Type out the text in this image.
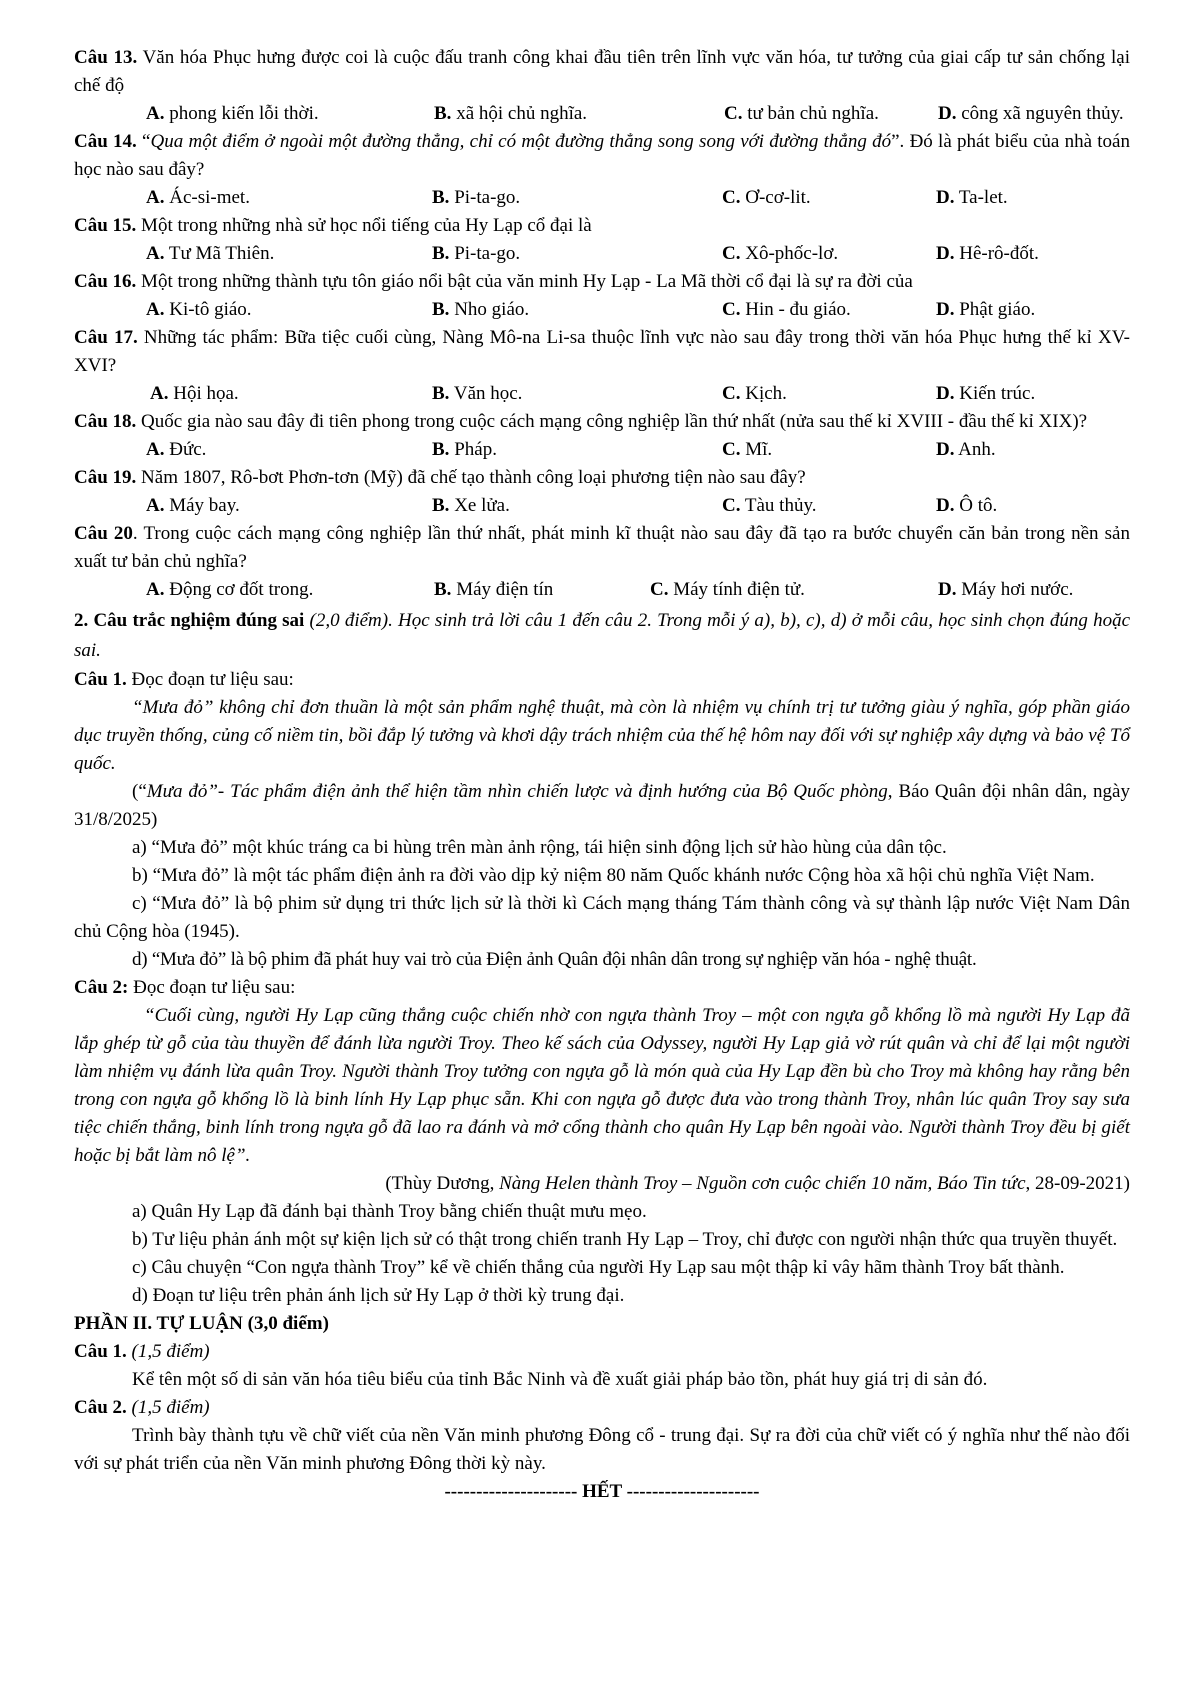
Câu 13. Văn hóa Phục hưng được coi là cuộc đấu tranh công khai đầu tiên trên lĩnh vực văn hóa, tư tưởng của giai cấp tư sản chống lại chế độ
A. phong kiến lỗi thời.	B. xã hội chủ nghĩa.	C. tư bản chủ nghĩa.	D. công xã nguyên thủy.
Câu 14. “Qua một điểm ở ngoài một đường thẳng, chỉ có một đường thẳng song song với đường thẳng đó”. Đó là phát biểu của nhà toán học nào sau đây?
A. Ác-si-met.	B. Pi-ta-go.	C. Ơ-cơ-lit.	D. Ta-let.
Câu 15. Một trong những nhà sử học nổi tiếng của Hy Lạp cổ đại là
A. Tư Mã Thiên.	B. Pi-ta-go.	C. Xô-phốc-lơ.	D. Hê-rô-đốt.
Câu 16. Một trong những thành tựu tôn giáo nổi bật của văn minh Hy Lạp - La Mã thời cổ đại là sự ra đời của
A. Ki-tô giáo.	B. Nho giáo.	C. Hin - đu giáo.	D. Phật giáo.
Câu 17. Những tác phẩm: Bữa tiệc cuối cùng, Nàng Mô-na Li-sa thuộc lĩnh vực nào sau đây trong thời văn hóa Phục hưng thế kỉ XV-XVI?
A. Hội họa.	B. Văn học.	C. Kịch.	D. Kiến trúc.
Câu 18. Quốc gia nào sau đây đi tiên phong trong cuộc cách mạng công nghiệp lần thứ nhất (nửa sau thế kỉ XVIII - đầu thế kỉ XIX)?
A. Đức.	B. Pháp.	C. Mĩ.	D. Anh.
Câu 19. Năm 1807, Rô-bơt Phơn-tơn (Mỹ) đã chế tạo thành công loại phương tiện nào sau đây?
A. Máy bay.	B. Xe lửa.	C. Tàu thủy.	D. Ô tô.
Câu 20. Trong cuộc cách mạng công nghiệp lần thứ nhất, phát minh kĩ thuật nào sau đây đã tạo ra bước chuyển căn bản trong nền sản xuất tư bản chủ nghĩa?
A. Động cơ đốt trong.	B. Máy điện tín	C. Máy tính điện tử.	D. Máy hơi nước.
2. Câu trắc nghiệm đúng sai (2,0 điểm). Học sinh trả lời câu 1 đến câu 2. Trong mỗi ý a), b), c), d) ở mỗi câu, học sinh chọn đúng hoặc sai.
Câu 1. Đọc đoạn tư liệu sau:
“Mưa đỏ” không chỉ đơn thuần là một sản phẩm nghệ thuật, mà còn là nhiệm vụ chính trị tư tưởng giàu ý nghĩa, góp phần giáo dục truyền thống, củng cố niềm tin, bồi đắp lý tưởng và khơi dậy trách nhiệm của thế hệ hôm nay đối với sự nghiệp xây dựng và bảo vệ Tổ quốc.
(“Mưa đỏ”- Tác phẩm điện ảnh thể hiện tầm nhìn chiến lược và định hướng của Bộ Quốc phòng, Báo Quân đội nhân dân, ngày 31/8/2025)
a) “Mưa đỏ” một khúc tráng ca bi hùng trên màn ảnh rộng, tái hiện sinh động lịch sử hào hùng của dân tộc.
b) “Mưa đỏ” là một tác phẩm điện ảnh ra đời vào dịp kỷ niệm 80 năm Quốc khánh nước Cộng hòa xã hội chủ nghĩa Việt Nam.
c) “Mưa đỏ” là bộ phim sử dụng tri thức lịch sử là thời kì Cách mạng tháng Tám thành công và sự thành lập nước Việt Nam Dân chủ Cộng hòa (1945).
d) “Mưa đỏ” là bộ phim đã phát huy vai trò của Điện ảnh Quân đội nhân dân trong sự nghiệp văn hóa - nghệ thuật.
Câu 2: Đọc đoạn tư liệu sau:
“Cuối cùng, người Hy Lạp cũng thắng cuộc chiến nhờ con ngựa thành Troy – một con ngựa gỗ khổng lồ mà người Hy Lạp đã lắp ghép từ gỗ của tàu thuyền để đánh lừa người Troy. Theo kế sách của Odyssey, người Hy Lạp giả vờ rút quân và chỉ để lại một người làm nhiệm vụ đánh lừa quân Troy. Người thành Troy tưởng con ngựa gỗ là món quà của Hy Lạp đền bù cho Troy mà không hay rằng bên trong con ngựa gỗ khổng lồ là binh lính Hy Lạp phục sẵn. Khi con ngựa gỗ được đưa vào trong thành Troy, nhân lúc quân Troy say sưa tiệc chiến thắng, binh lính trong ngựa gỗ đã lao ra đánh và mở cổng thành cho quân Hy Lạp bên ngoài vào. Người thành Troy đều bị giết hoặc bị bắt làm nô lệ”.
(Thùy Dương, Nàng Helen thành Troy – Nguồn cơn cuộc chiến 10 năm, Báo Tin tức, 28-09-2021)
a) Quân Hy Lạp đã đánh bại thành Troy bằng chiến thuật mưu mẹo.
b) Tư liệu phản ánh một sự kiện lịch sử có thật trong chiến tranh Hy Lạp – Troy, chỉ được con người nhận thức qua truyền thuyết.
c) Câu chuyện “Con ngựa thành Troy” kể về chiến thắng của người Hy Lạp sau một thập kỉ vây hãm thành Troy bất thành.
d) Đoạn tư liệu trên phản ánh lịch sử Hy Lạp ở thời kỳ trung đại.
PHẦN II. TỰ LUẬN (3,0 điểm)
Câu 1. (1,5 điểm)
Kể tên một số di sản văn hóa tiêu biểu của tỉnh Bắc Ninh và đề xuất giải pháp bảo tồn, phát huy giá trị di sản đó.
Câu 2. (1,5 điểm)
Trình bày thành tựu về chữ viết của nền Văn minh phương Đông cổ - trung đại. Sự ra đời của chữ viết có ý nghĩa như thế nào đối với sự phát triển của nền Văn minh phương Đông thời kỳ này.
--------------------- HẾT ---------------------
